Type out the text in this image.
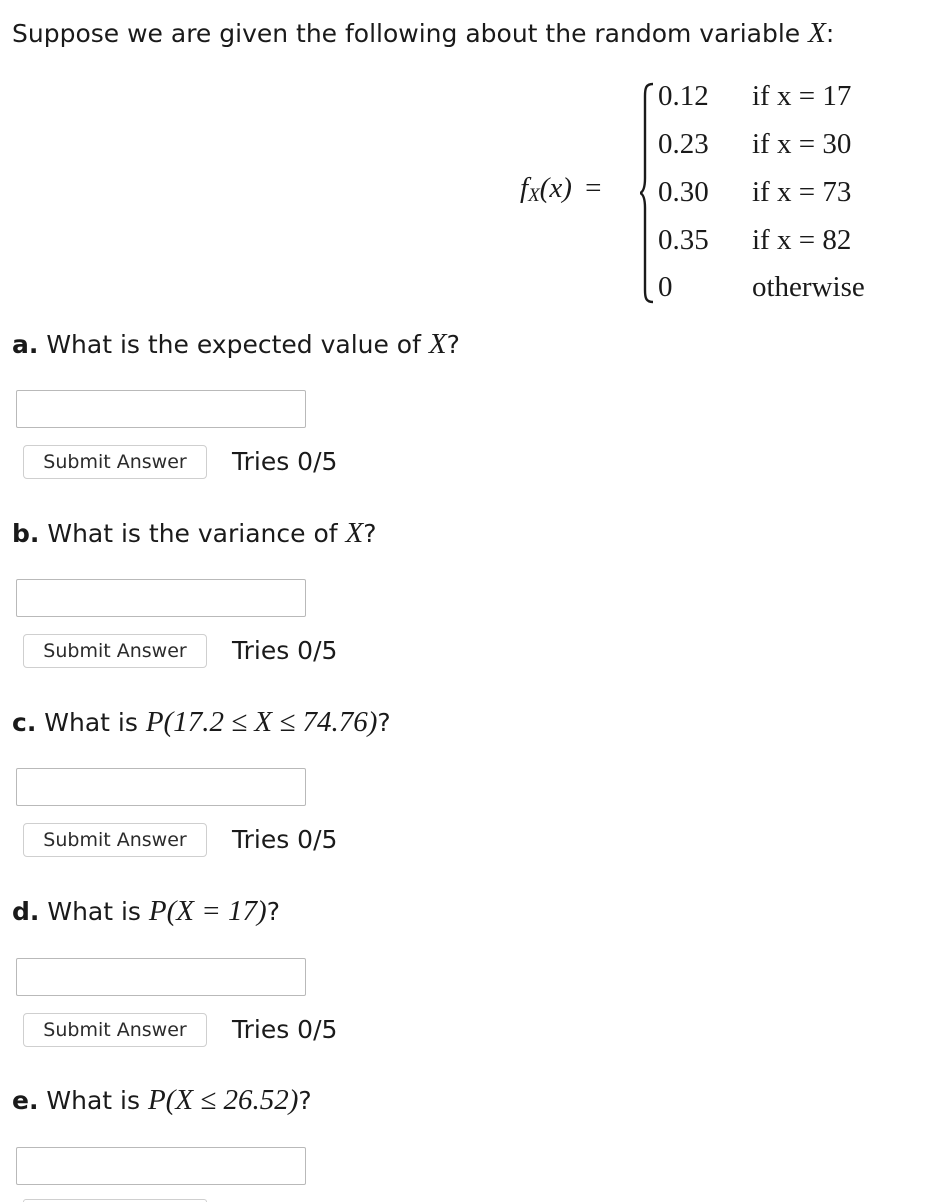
Suppose we are given the following about the random variable X:
$f_X(x)$ =
0.12 if x = 17
0.23 if x = 30
0.30 if x = 73
0.35 if x = 82
0	otherwise
a. What is the expected value of X?
Submit Answer	Tries 0/5
b. What is the variance of X?
Submit Answer	Tries 0/5
c. What is P(17.2 ≤ X ≤ 74.76)?
Submit Answer	Tries 0/5
d. What is P(X = 17)?
Submit Answer	Tries 0/5
e. What is P(X ≤ 26.52)?
